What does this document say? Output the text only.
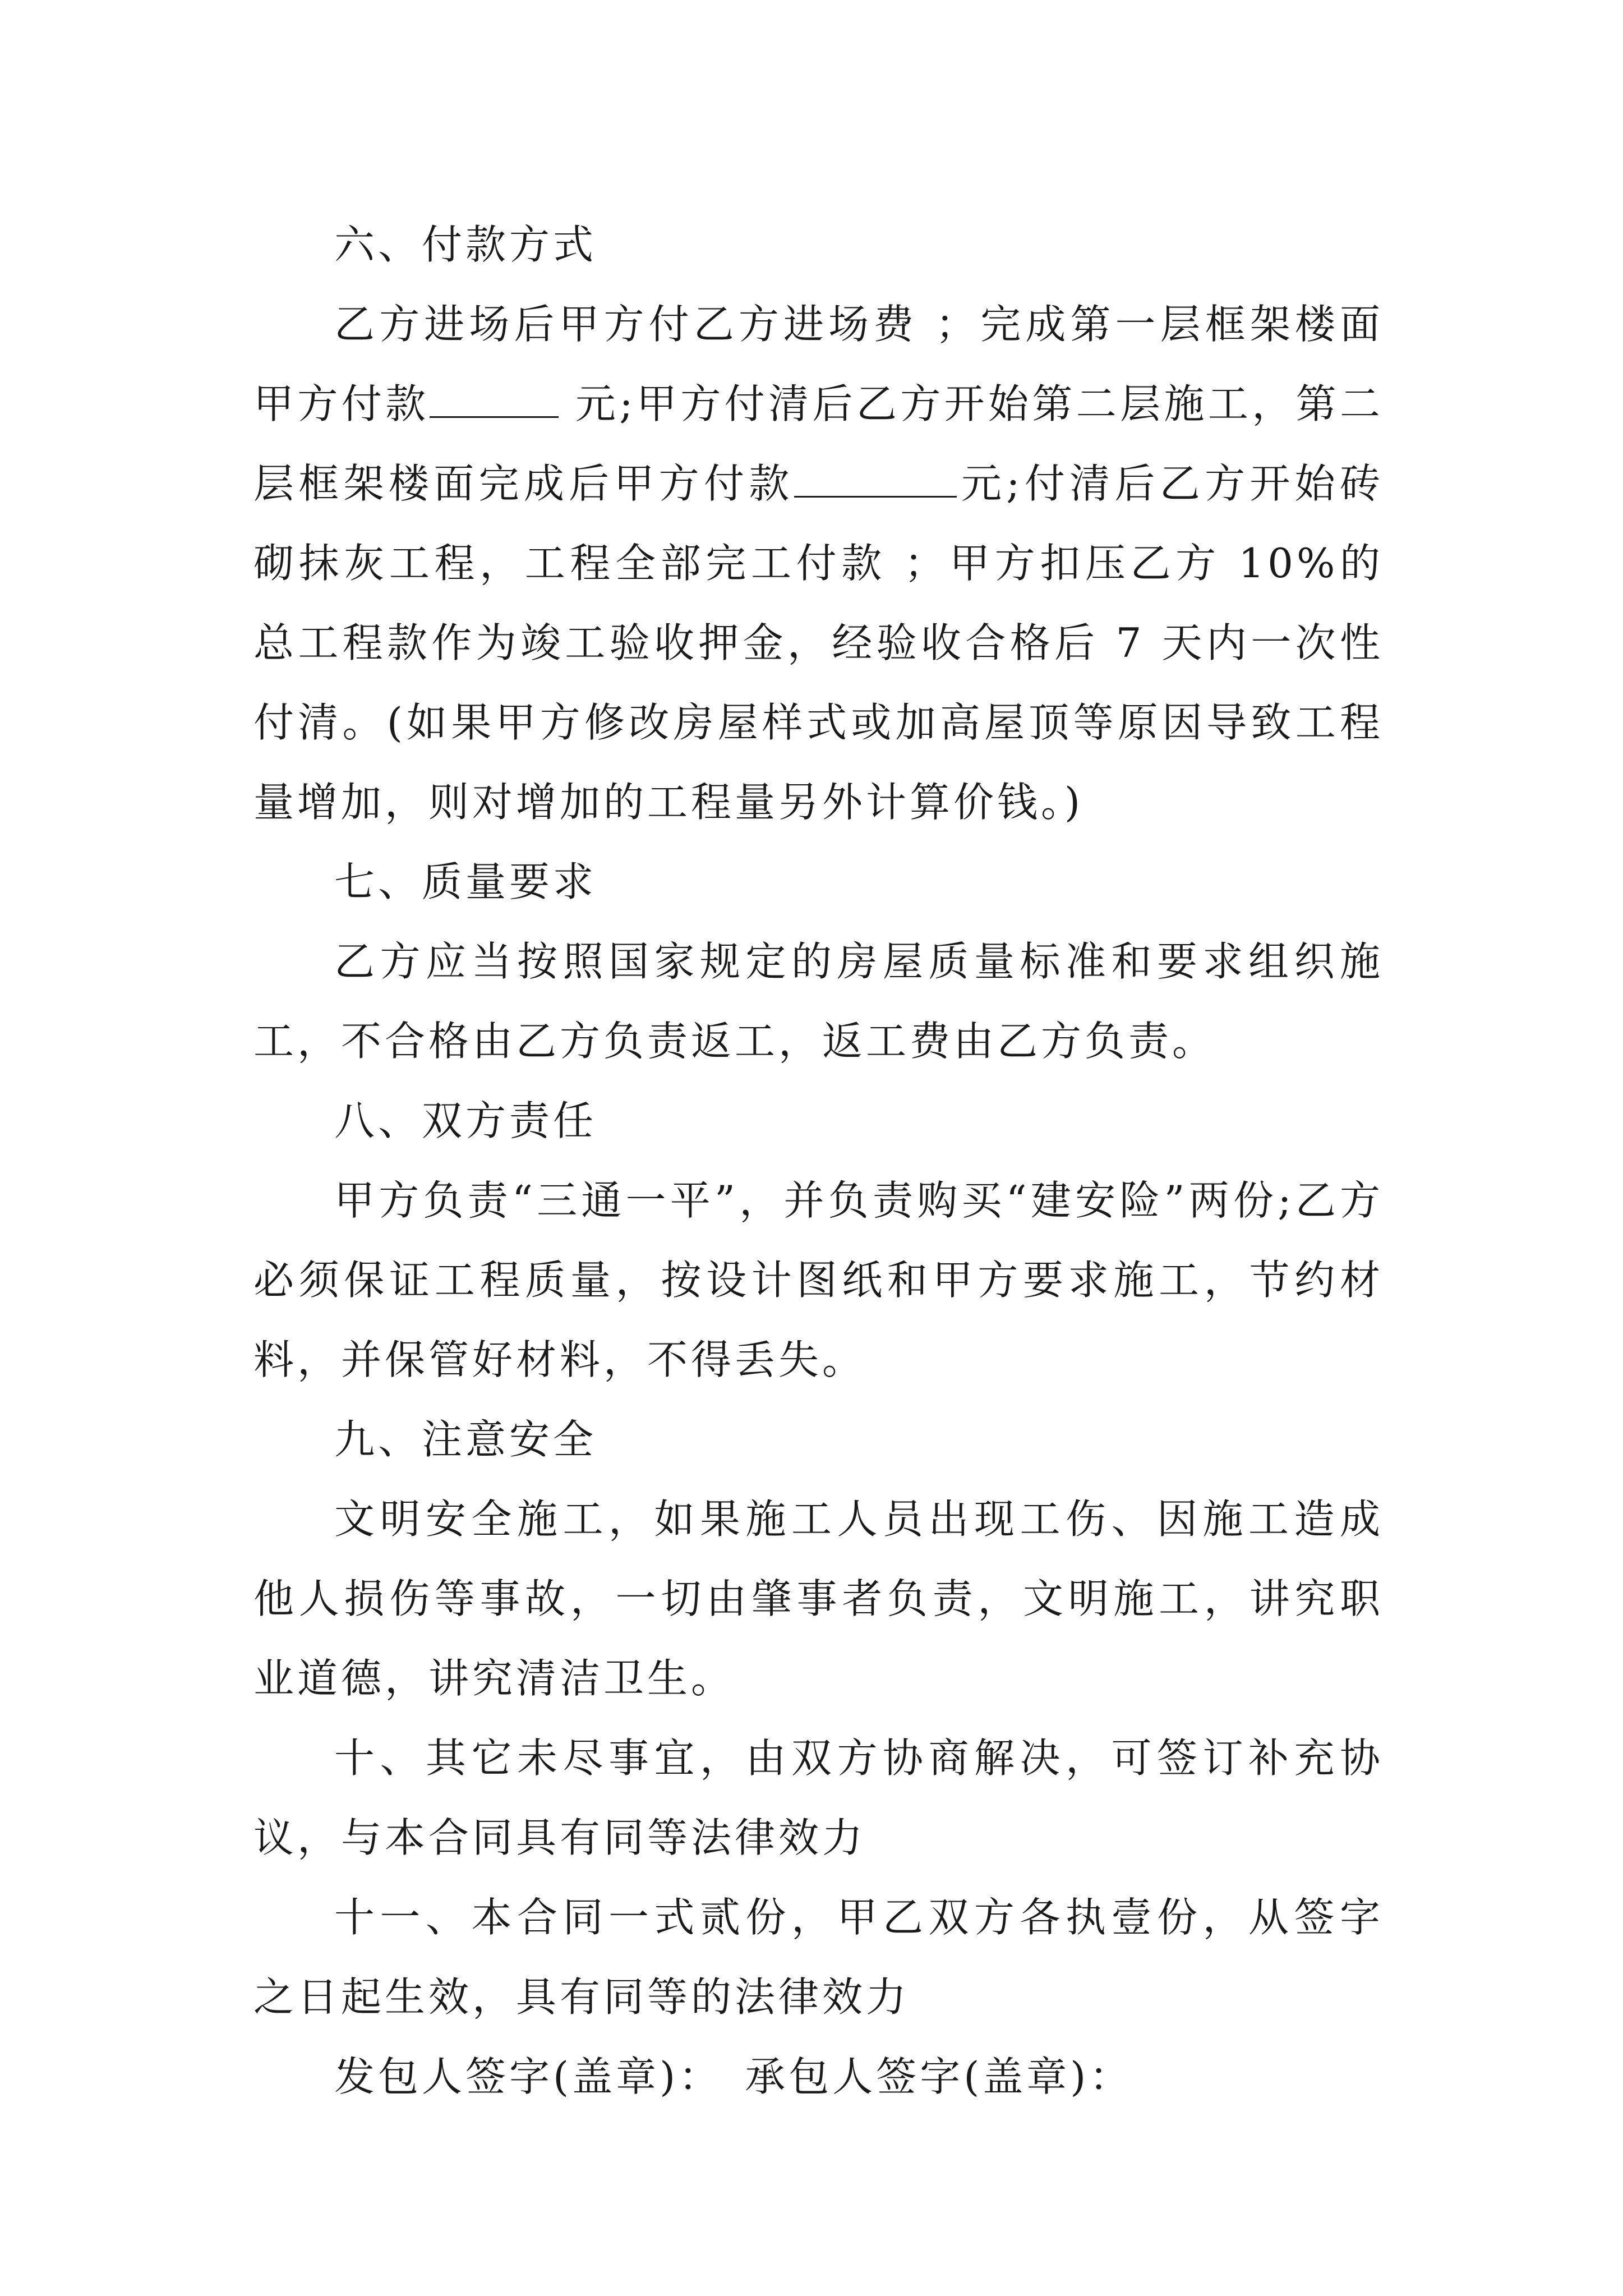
六、付款方式

乙方进场后甲方付乙方进场费 ；完成第一层框架楼面甲方付款	元;甲方付清后乙方开始第二层施工，第二层框架楼面完成后甲方付款	元;付清后乙方开始砖砌抹灰工程，工程全部完工付款 ；甲方扣压乙方 10%的总工程款作为竣工验收押金，经验收合格后 7 天内一次性付清。(如果甲方修改房屋样式或加高屋顶等原因导致工程量增加，则对增加的工程量另外计算价钱。)

七、质量要求

乙方应当按照国家规定的房屋质量标准和要求组织施工，不合格由乙方负责返工，返工费由乙方负责。

八、双方责任

甲方负责“三通一平”，并负责购买“建安险”两份;乙方必须保证工程质量，按设计图纸和甲方要求施工，节约材料，并保管好材料，不得丢失。

九、注意安全

文明安全施工，如果施工人员出现工伤、因施工造成他人损伤等事故，一切由肇事者负责，文明施工，讲究职业道德，讲究清洁卫生。

十、其它未尽事宜，由双方协商解决，可签订补充协议，与本合同具有同等法律效力

十一、本合同一式贰份，甲乙双方各执壹份，从签字之日起生效，具有同等的法律效力

发包人签字(盖章)： 承包人签字(盖章)：
